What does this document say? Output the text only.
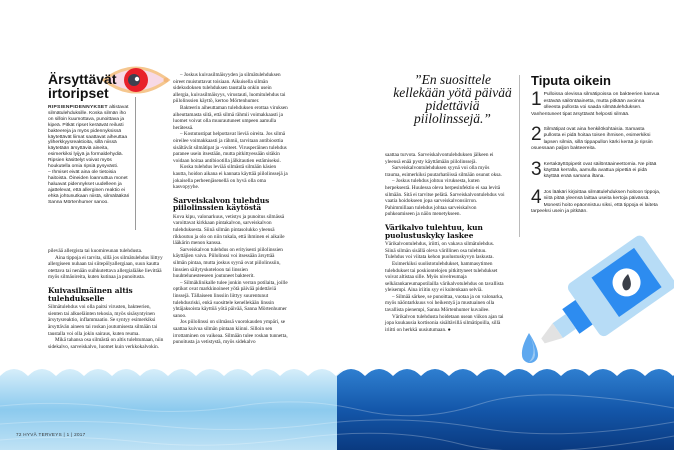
Ärsyttävät
irtoripset

RIPSIENPIDENNYKSET altistavat silmätulehduksille. Koska silmän iho on silloin kuumottava, punoittava ja kipeä. Pitkät ripset keräävät reilusti bakteereja ja myös pidennyksissä käytettävät liimat saattavat aiheuttaa yliherkkyysreaktioita, sillä niissä käytetään ärsyttäviä aineita, esimerkiksi lyijyä ja formaldehydiä. Ripsien käsittelyt voivat myös houkutella omia ripsiä pysyvästi.

– Ihmiset eivät aina ole tietoisia haitoista. Öineiden loannuttua monet haluavat pidennykset uudelleen ja ajattelevat, että allerginen reaktio ei ehkä johtunutkaan niistä, silmälääkäri Sanna Mörtenhumer sanoo.

pilevää allergista tai kuomireunan tulehdusta.

Aina tippoja ei tarvita, sillä jos silmätulehdus liittyy allergiseen nuhaan tai siitepölyallergiaan, suun kautta otettava tai nenään suihkutettava allergialääke lievittää myös silmäoireita, kuten kutinaa ja punoitusta.

Kuivasilmäinen altis tulehdukselle

Silmätulehdus voi olla paitsi virusten, bakteerien, sienten tai alkueläinten tekosia, myös sisäsyntyinen ärsytysreaktio, inflammaatio. Se syntyy esimerkiksi ärsyttävän aineen tai roskan joutumisesta silmään tai taustalla voi olla jokin sairaus, kuten reuma.

Mikä tahansa osa silmästä on altis tulehtumaan, niin sidekalvo, sarveiskalvo, luomet kuin verkkokalvokin.

– Joskus kuivasilmäisyyden ja silmätulehduksen oireet muistuttavat toisiaan. Aikuisella silmän sidekudoksen tulehduksen taustalla onkin usein allergia, kuivasilmäisyys, virustauti, luomitulehdus tai piilolinssien käyttö, kertoo Mörtenhumer.

Bakteerin aiheuttaman tulehduksen erottaa viruksen aiheuttamasta siitä, että silmä rähmii voimakkaasti ja luomet voivat olla muurautuneet umpeen aamulla herätessä.

– Kostutustipat helpottavat lieviä oireita. Jos silmä oireilee voimakkaasti ja rähmii, tarvitaan antibioottia sisältävät silmätipat ja -voiteet. Virusperäinen tulehdus paranee usein itsestään, mutta pitkittyessään sitäkin voidaan hoitaa antibiootilla jälkitautien estämiseksi.

Koska tulehdus leviää silmästä silmään käsien kautta, hoidon aikana ei kannata käyttää piilolinssejä ja jokaisella perheenjäsenellä on hyvä olla oma kasvopyyhe.

Sarveiskalvon tulehdus piilolinssien käytöstä

Kova kipu, valonarkuus, vetistys ja punoitus silmässä varoittavat kirkkaan pintakalvon, sarveiskalvon tulehduksesta. Siinä silmän pintasolukko yleensä rikkoutuu ja olo on niin tukala, että ihminen ei aikaile lääkärin menon kanssa.

Sarveiskalvon tulehdus on erityisesti piilolinssien käyttäjien vaiva. Piilolinssi voi itsessään ärsyttää silmän pintaa, mutta joskus syynä ovat piilolinssiin, linssien säilytyskoteloon tai linssien huuhtelunesteeseen joutuneet bakteerit.

– Silmäklinikalle tulee jonkin verran potilaita, joille optikot ovat markkinoineet yötä päivää pidettäviä linssejä. Tällaiseen linssiin liittyy suurentunut tulehdusriski, enkä suosittele kenellekään linssin yhtäjaksoista käyttöä yötä päivää, Sanna Mörtenhumer sanoo.

Jos piilolinssi on silmässä vuorokauden ympäri, se saattaa kuivua silmän pintaan kiinni. Silloin sen irrottaminen on vaikeaa. Silmään tulee roskan tunnetta, punoitusta ja vetistystä, myös sidekalvo

72 HYVÄ TERVEYS | 1 | 2017
”En suosittele kellekään yötä päivää pidettäviä piilolinssejä.”

saattaa turvota. Sarveiskalvontulehduksen jälkeen ei yleensä enää pysty käyttämään piilolinssejä.

Sarveiskalvontulehduksen syynä voi olla myös trauma, esimerkiksi puutarhatöissä silmään osunut oksa.

– Joskus tulehdus johtuu viruksesta, kuten herpeksestä. Huulessa oleva herpesinfektio ei saa levitä silmään. Sitä ei tarvitse pelätä. Sarveiskalvontulehdus voi vaatia hoidokseen jopa sarveiskalvonsiirron. Pahimmillaan tulehdus johtaa sarveiskalvon puhkeamiseen ja näön menetykseen.

Värikalvo tulehtuu, kun puolustuskyky laskee

Värikalvontulehdus, iriitti, on vakava silmätulehdus. Siinä silmän sisällä oleva värillinen osa tulehtuu. Tulehdus voi viitata kehon puolustuskyvyn laskusta.

Esimerkiksi suolistotulehdukset, hammasytimen tulehdukset tai poskiontelojen pitkittyneet tulehdukset voivat altistaa sille. Myös nivelreumaja selkärankareumapotilailla värikalvotulehdus on tavallista yleisempi. Aina iriitin syy ei kuitenkaan selviä.

– Silmää särkee, se punoittaa, vuotaa ja on valonarka, myös näöntarkkuus voi heikentyä ja mustuainen olla tavallista pienempi, Sanna Mörtenhumer kuvailee.

Värikalvon tulehdusta hoidetaan usean viikon ajan tai jopa kuukausia kortisonia sisältävillä silmätipoilla, sillä iriitti on herkkä uusiutumaan. ●

Tiputa oikein
1 Pulloissa olevissa silmätipoissa on bakteerien kasvua estävää säilöntäainetta, mutta pitkään avoinna olleesta pullosta voi saada silmätulehduksen. Vanhentuneet tipat ärsyttävät helposti silmää.
2 Silmätipat ovat aina henkilökohtaisia. Samasta pullosta ei pidä hoitaa toisen ihmisen, esimerkiksi lapsen silmiä, sillä tippapullon kärki kerää jo ripsiin osuessaan paljon bakteereita.
3 Kertakäyttöpipetit ovat säilöntäaineettomia. Ne pitää käyttää kerralla, aamulla avattua pipettiä ei pidä käyttää enää samana iltana.
4 Jos lääkäri kirjoittaa silmätulehduksen hoitoon tippoja, niitä pitää yleensä laittaa useita kertoja päivässä. Monesti hoito epäonnistuu siksi, että tippoja ei laiteta tarpeeksi usein ja pitkään.
